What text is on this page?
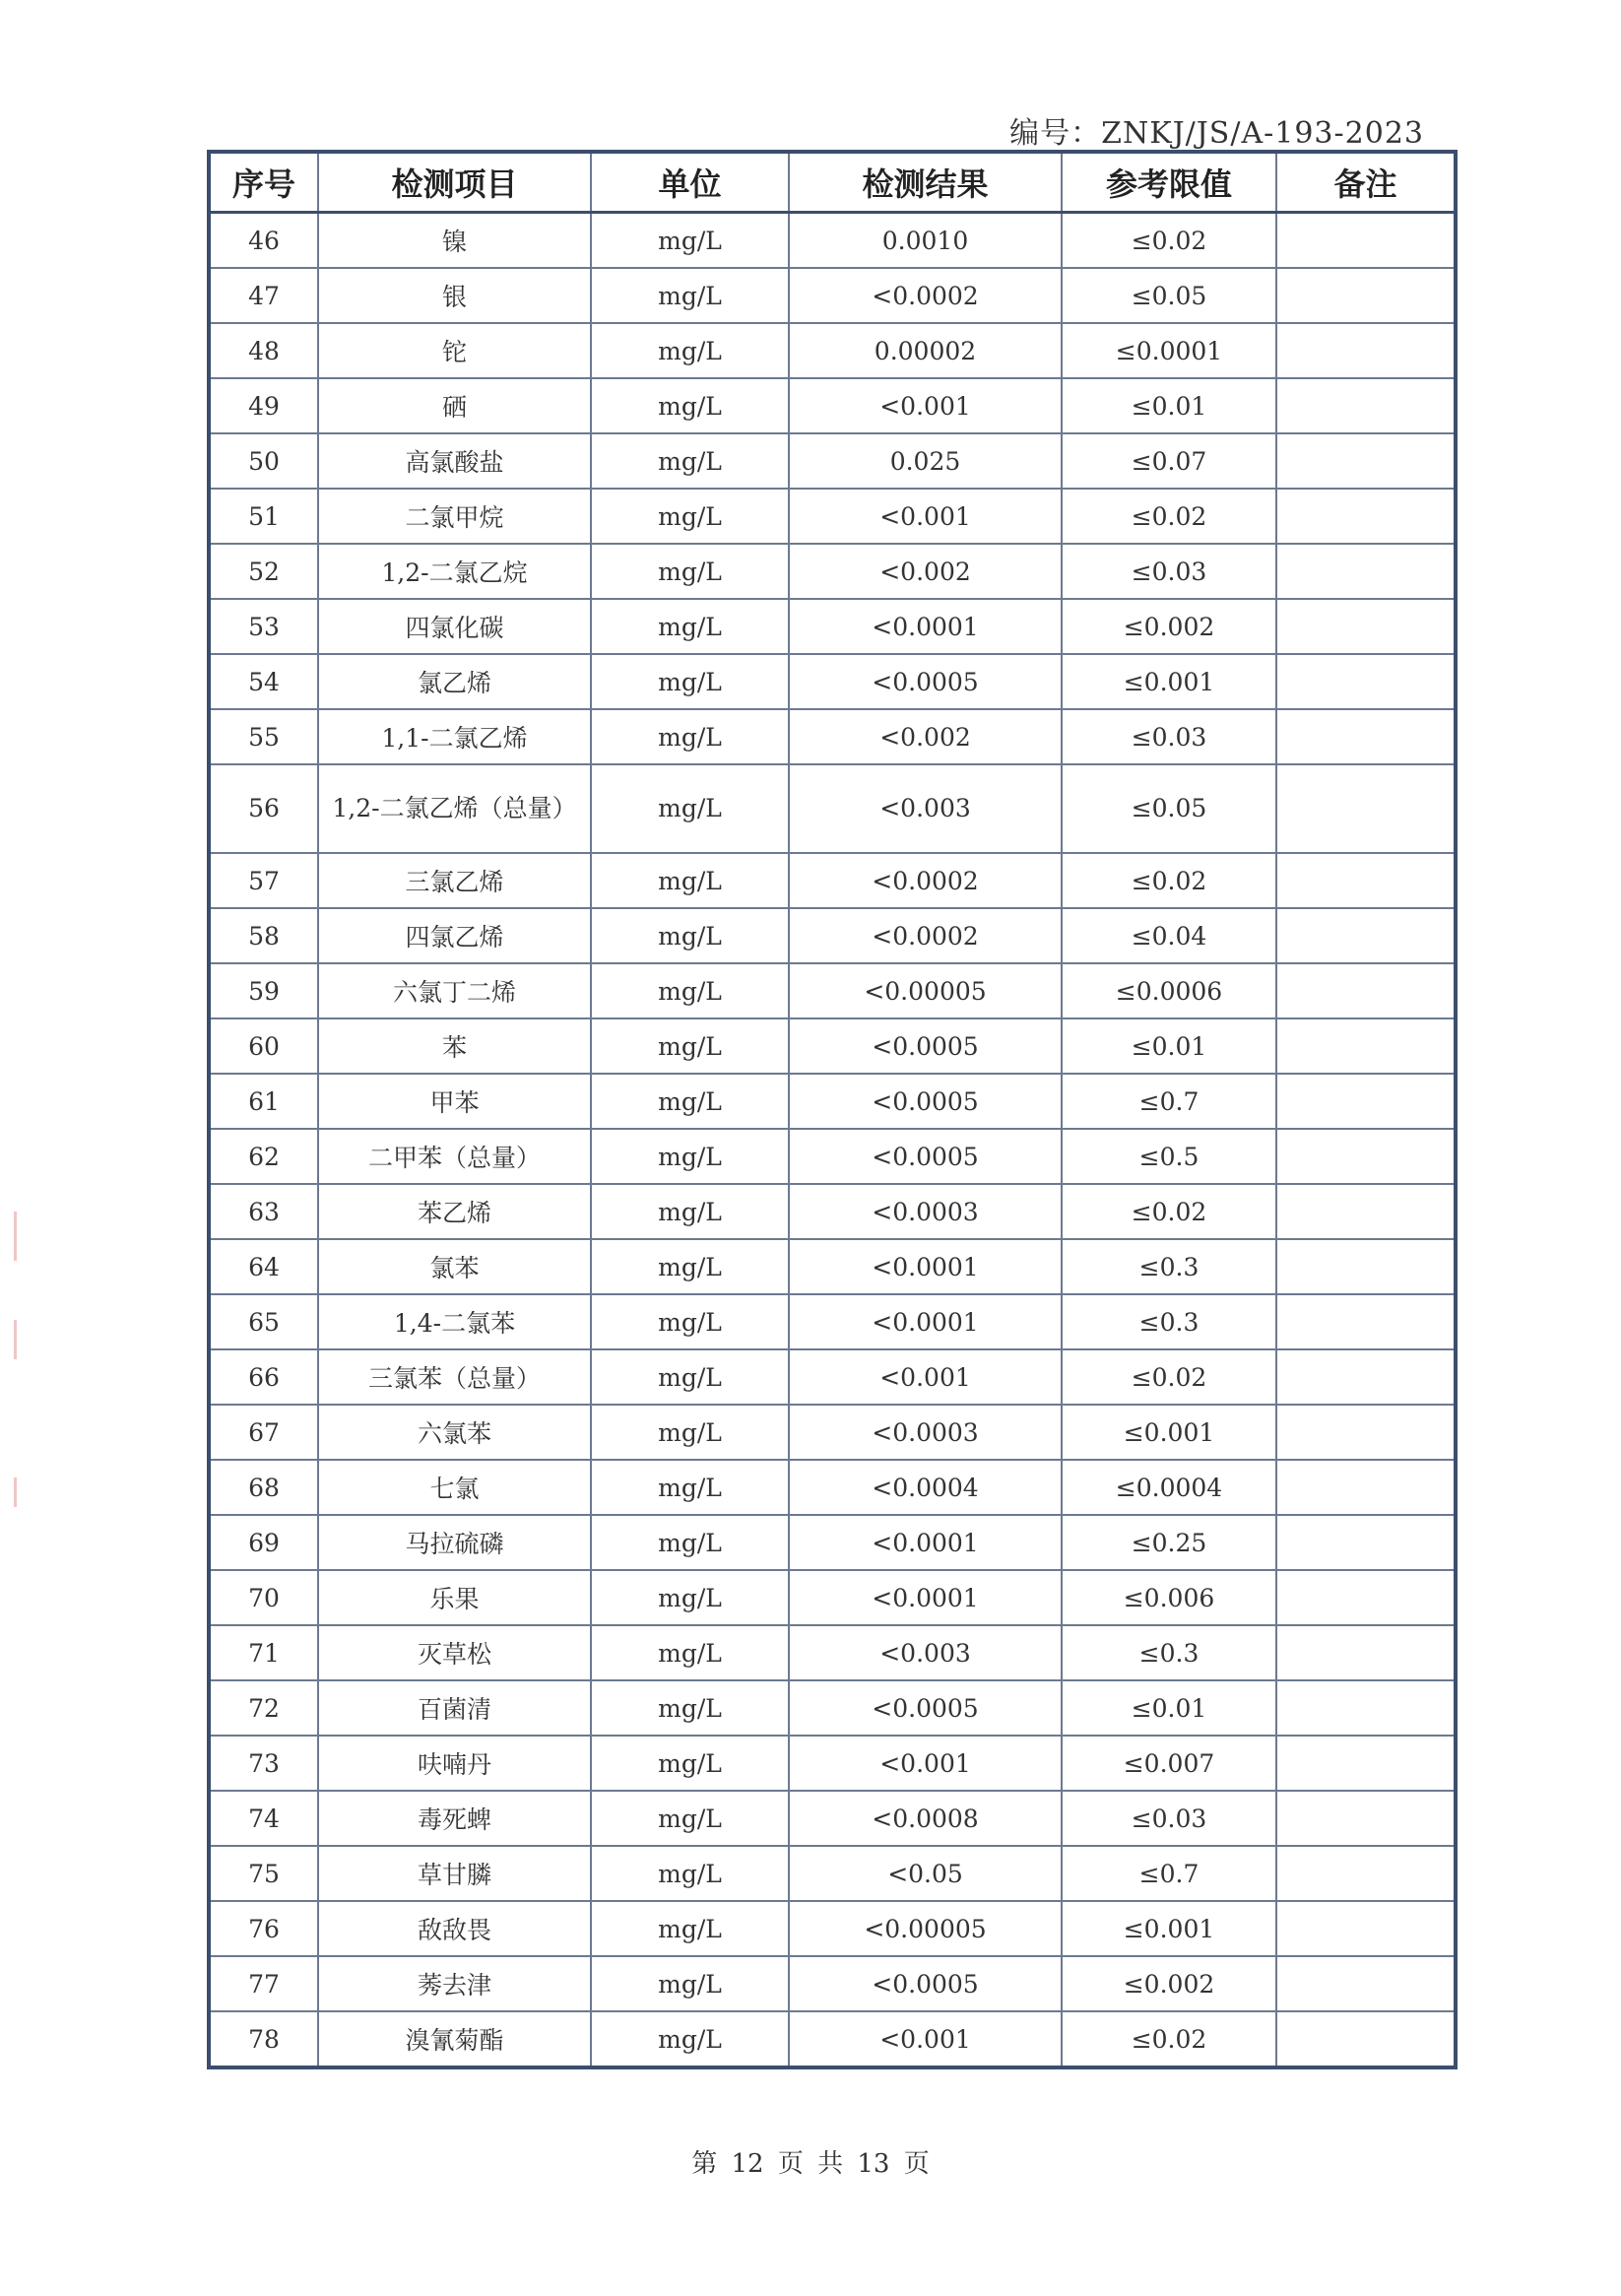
编号：ZNKJ/JS/A-193-2023
序号	检测项目	单位	检测结果	参考限值	备注
46	镍	mg/L	0.0010	≤0.02	
47	银	mg/L	<0.0002	≤0.05	
48	铊	mg/L	0.00002	≤0.0001	
49	硒	mg/L	<0.001	≤0.01	
50	高氯酸盐	mg/L	0.025	≤0.07	
51	二氯甲烷	mg/L	<0.001	≤0.02	
52	1,2-二氯乙烷	mg/L	<0.002	≤0.03	
53	四氯化碳	mg/L	<0.0001	≤0.002	
54	氯乙烯	mg/L	<0.0005	≤0.001	
55	1,1-二氯乙烯	mg/L	<0.002	≤0.03	
56	1,2-二氯乙烯（总量）	mg/L	<0.003	≤0.05	
57	三氯乙烯	mg/L	<0.0002	≤0.02	
58	四氯乙烯	mg/L	<0.0002	≤0.04	
59	六氯丁二烯	mg/L	<0.00005	≤0.0006	
60	苯	mg/L	<0.0005	≤0.01	
61	甲苯	mg/L	<0.0005	≤0.7	
62	二甲苯（总量）	mg/L	<0.0005	≤0.5	
63	苯乙烯	mg/L	<0.0003	≤0.02	
64	氯苯	mg/L	<0.0001	≤0.3	
65	1,4-二氯苯	mg/L	<0.0001	≤0.3	
66	三氯苯（总量）	mg/L	<0.001	≤0.02	
67	六氯苯	mg/L	<0.0003	≤0.001	
68	七氯	mg/L	<0.0004	≤0.0004	
69	马拉硫磷	mg/L	<0.0001	≤0.25	
70	乐果	mg/L	<0.0001	≤0.006	
71	灭草松	mg/L	<0.003	≤0.3	
72	百菌清	mg/L	<0.0005	≤0.01	
73	呋喃丹	mg/L	<0.001	≤0.007	
74	毒死蜱	mg/L	<0.0008	≤0.03	
75	草甘膦	mg/L	<0.05	≤0.7	
76	敌敌畏	mg/L	<0.00005	≤0.001	
77	莠去津	mg/L	<0.0005	≤0.002	
78	溴氰菊酯	mg/L	<0.001	≤0.02	
第 12 页 共 13 页
